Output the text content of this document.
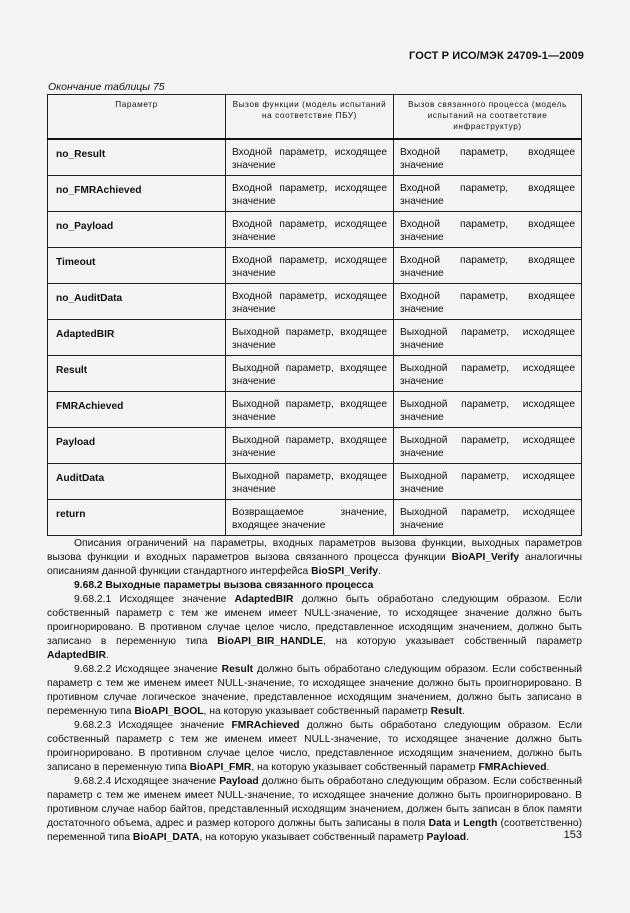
ГОСТ Р ИСО/МЭК 24709-1—2009
Окончание таблицы 75
Параметр	Вызов функции (модель испытаний на соответствие ПБУ)	Вызов связанного процесса (модель испытаний на соответствие инфраструктур)
no_Result	Входной параметр, исходящее значение	Входной параметр, входящее значение
no_FMRAchieved	Входной параметр, исходящее значение	Входной параметр, входящее значение
no_Payload	Входной параметр, исходящее значение	Входной параметр, входящее значение
Timeout	Входной параметр, исходящее значение	Входной параметр, входящее значение
no_AuditData	Входной параметр, исходящее значение	Входной параметр, входящее значение
AdaptedBIR	Выходной параметр, входящее значение	Выходной параметр, исходящее значение
Result	Выходной параметр, входящее значение	Выходной параметр, исходящее значение
FMRAchieved	Выходной параметр, входящее значение	Выходной параметр, исходящее значение
Payload	Выходной параметр, входящее значение	Выходной параметр, исходящее значение
AuditData	Выходной параметр, входящее значение	Выходной параметр, исходящее значение
return	Возвращаемое значение, входящее значение	Выходной параметр, исходящее значение

Описания ограничений на параметры, входных параметров вызова функции, выходных параметров вызова функции и входных параметров вызова связанного процесса функции BioAPI_Verify аналогичны описаниям данной функции стандартного интерфейса BioSPI_Verify.

9.68.2 Выходные параметры вызова связанного процесса

9.68.2.1 Исходящее значение AdaptedBIR должно быть обработано следующим образом. Если собственный параметр с тем же именем имеет NULL-значение, то исходящее значение должно быть проигнорировано. В противном случае целое число, представленное исходящим значением, должно быть записано в переменную типа BioAPI_BIR_HANDLE, на которую указывает собственный параметр AdaptedBIR.

9.68.2.2 Исходящее значение Result должно быть обработано следующим образом. Если собственный параметр с тем же именем имеет NULL-значение, то исходящее значение должно быть проигнорировано. В противном случае логическое значение, представленное исходящим значением, должно быть записано в переменную типа BioAPI_BOOL, на которую указывает собственный параметр Result.

9.68.2.3 Исходящее значение FMRAchieved должно быть обработано следующим образом. Если собственный параметр с тем же именем имеет NULL-значение, то исходящее значение должно быть проигнорировано. В противном случае целое число, представленное исходящим значением, должно быть записано в переменную типа BioAPI_FMR, на которую указывает собственный параметр FMRAchieved.

9.68.2.4 Исходящее значение Payload должно быть обработано следующим образом. Если собственный параметр с тем же именем имеет NULL-значение, то исходящее значение должно быть проигнорировано. В противном случае набор байтов, представленный исходящим значением, должен быть записан в блок памяти достаточного объема, адрес и размер которого должны быть записаны в поля Data и Length (соответственно) переменной типа BioAPI_DATA, на которую указывает собственный параметр Payload.	153
